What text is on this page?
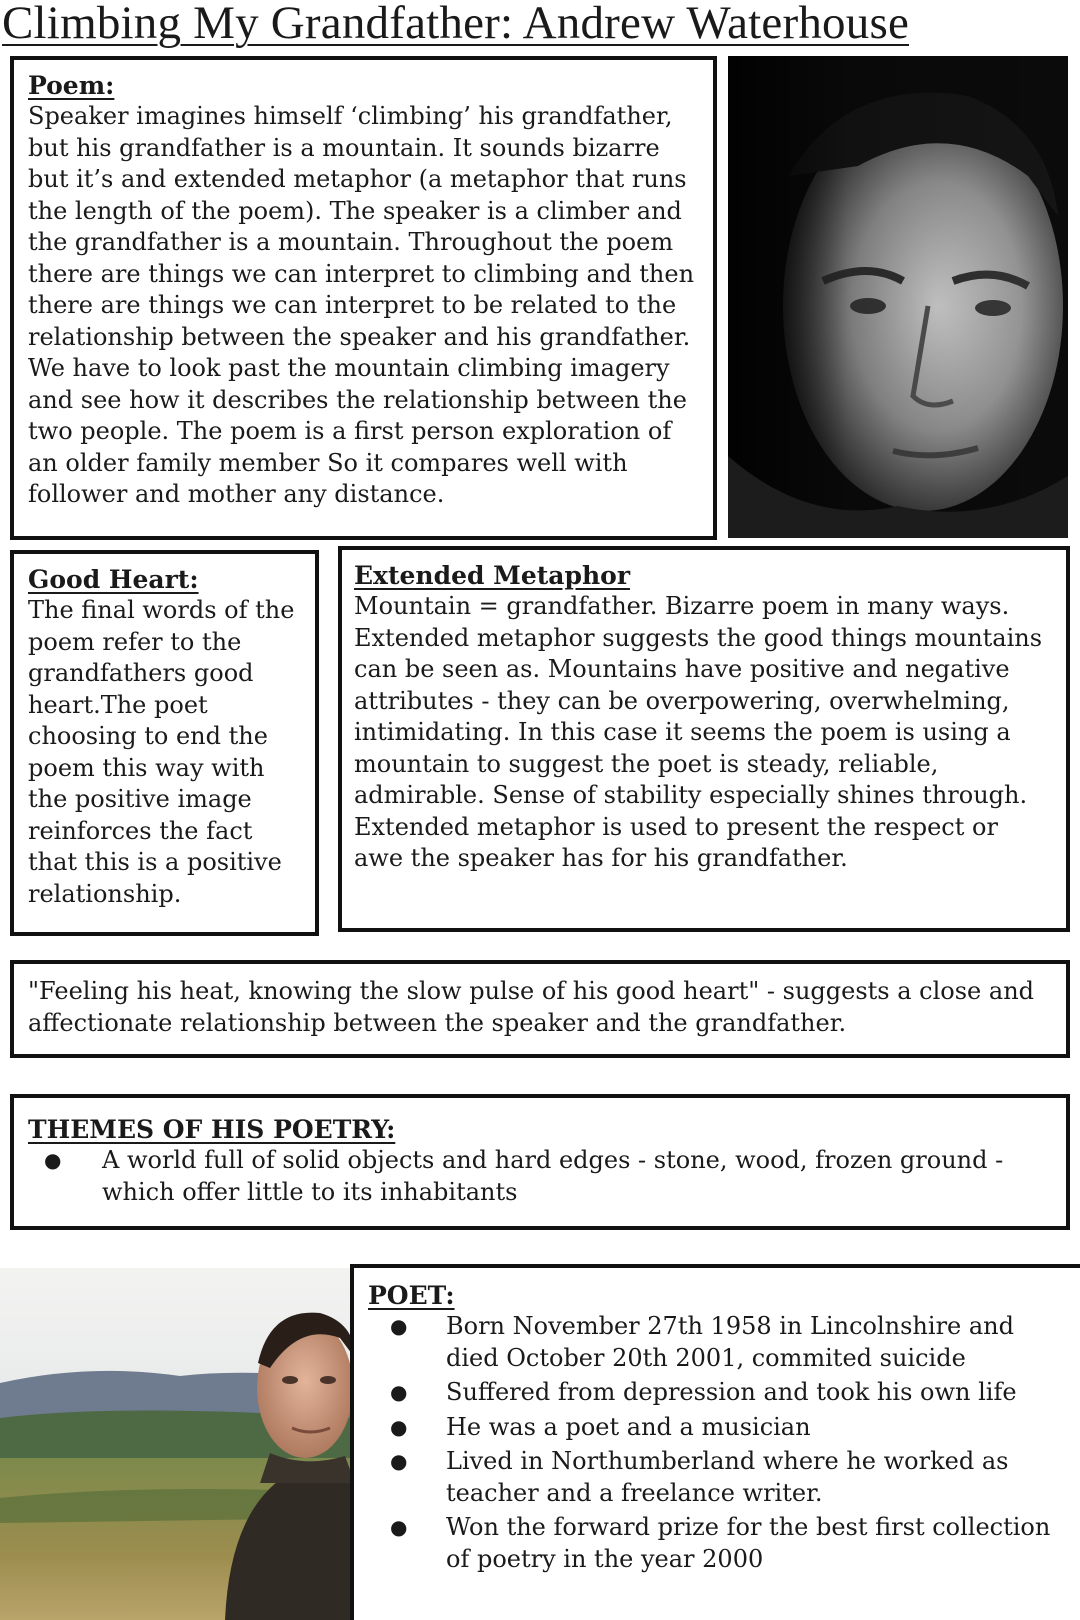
Climbing My Grandfather: Andrew Waterhouse
Poem:

Speaker imagines himself ‘climbing’ his grandfather, but his grandfather is a mountain. It sounds bizarre but it’s and extended metaphor (a metaphor that runs the length of the poem). The speaker is a climber and the grandfather is a mountain. Throughout the poem there are things we can interpret to climbing and then there are things we can interpret to be related to the relationship between the speaker and his grandfather. We have to look past the mountain climbing imagery and see how it describes the relationship between the two people. The poem is a first person exploration of an older family member So it compares well with follower and mother any distance.

Good Heart:

The final words of the poem refer to the grandfathers good heart.The poet choosing to end the poem this way with the positive image reinforces the fact that this is a positive relationship.

Extended Metaphor

Mountain = grandfather. Bizarre poem in many ways. Extended metaphor suggests the good things mountains can be seen as. Mountains have positive and negative attributes - they can be overpowering, overwhelming, intimidating. In this case it seems the poem is using a mountain to suggest the poet is steady, reliable, admirable. Sense of stability especially shines through. Extended metaphor is used to present the respect or awe the speaker has for his grandfather.

"Feeling his heat, knowing the slow pulse of his good heart" - suggests a close and affectionate relationship between the speaker and the grandfather.

THEMES OF HIS POETRY:
● A world full of solid objects and hard edges - stone, wood, frozen ground - which offer little to its inhabitants
POET:
● Born November 27th 1958 in Lincolnshire and died October 20th 2001, commited suicide
● Suffered from depression and took his own life
● He was a poet and a musician
● Lived in Northumberland where he worked as teacher and a freelance writer.
● Won the forward prize for the best first collection of poetry in the year 2000
